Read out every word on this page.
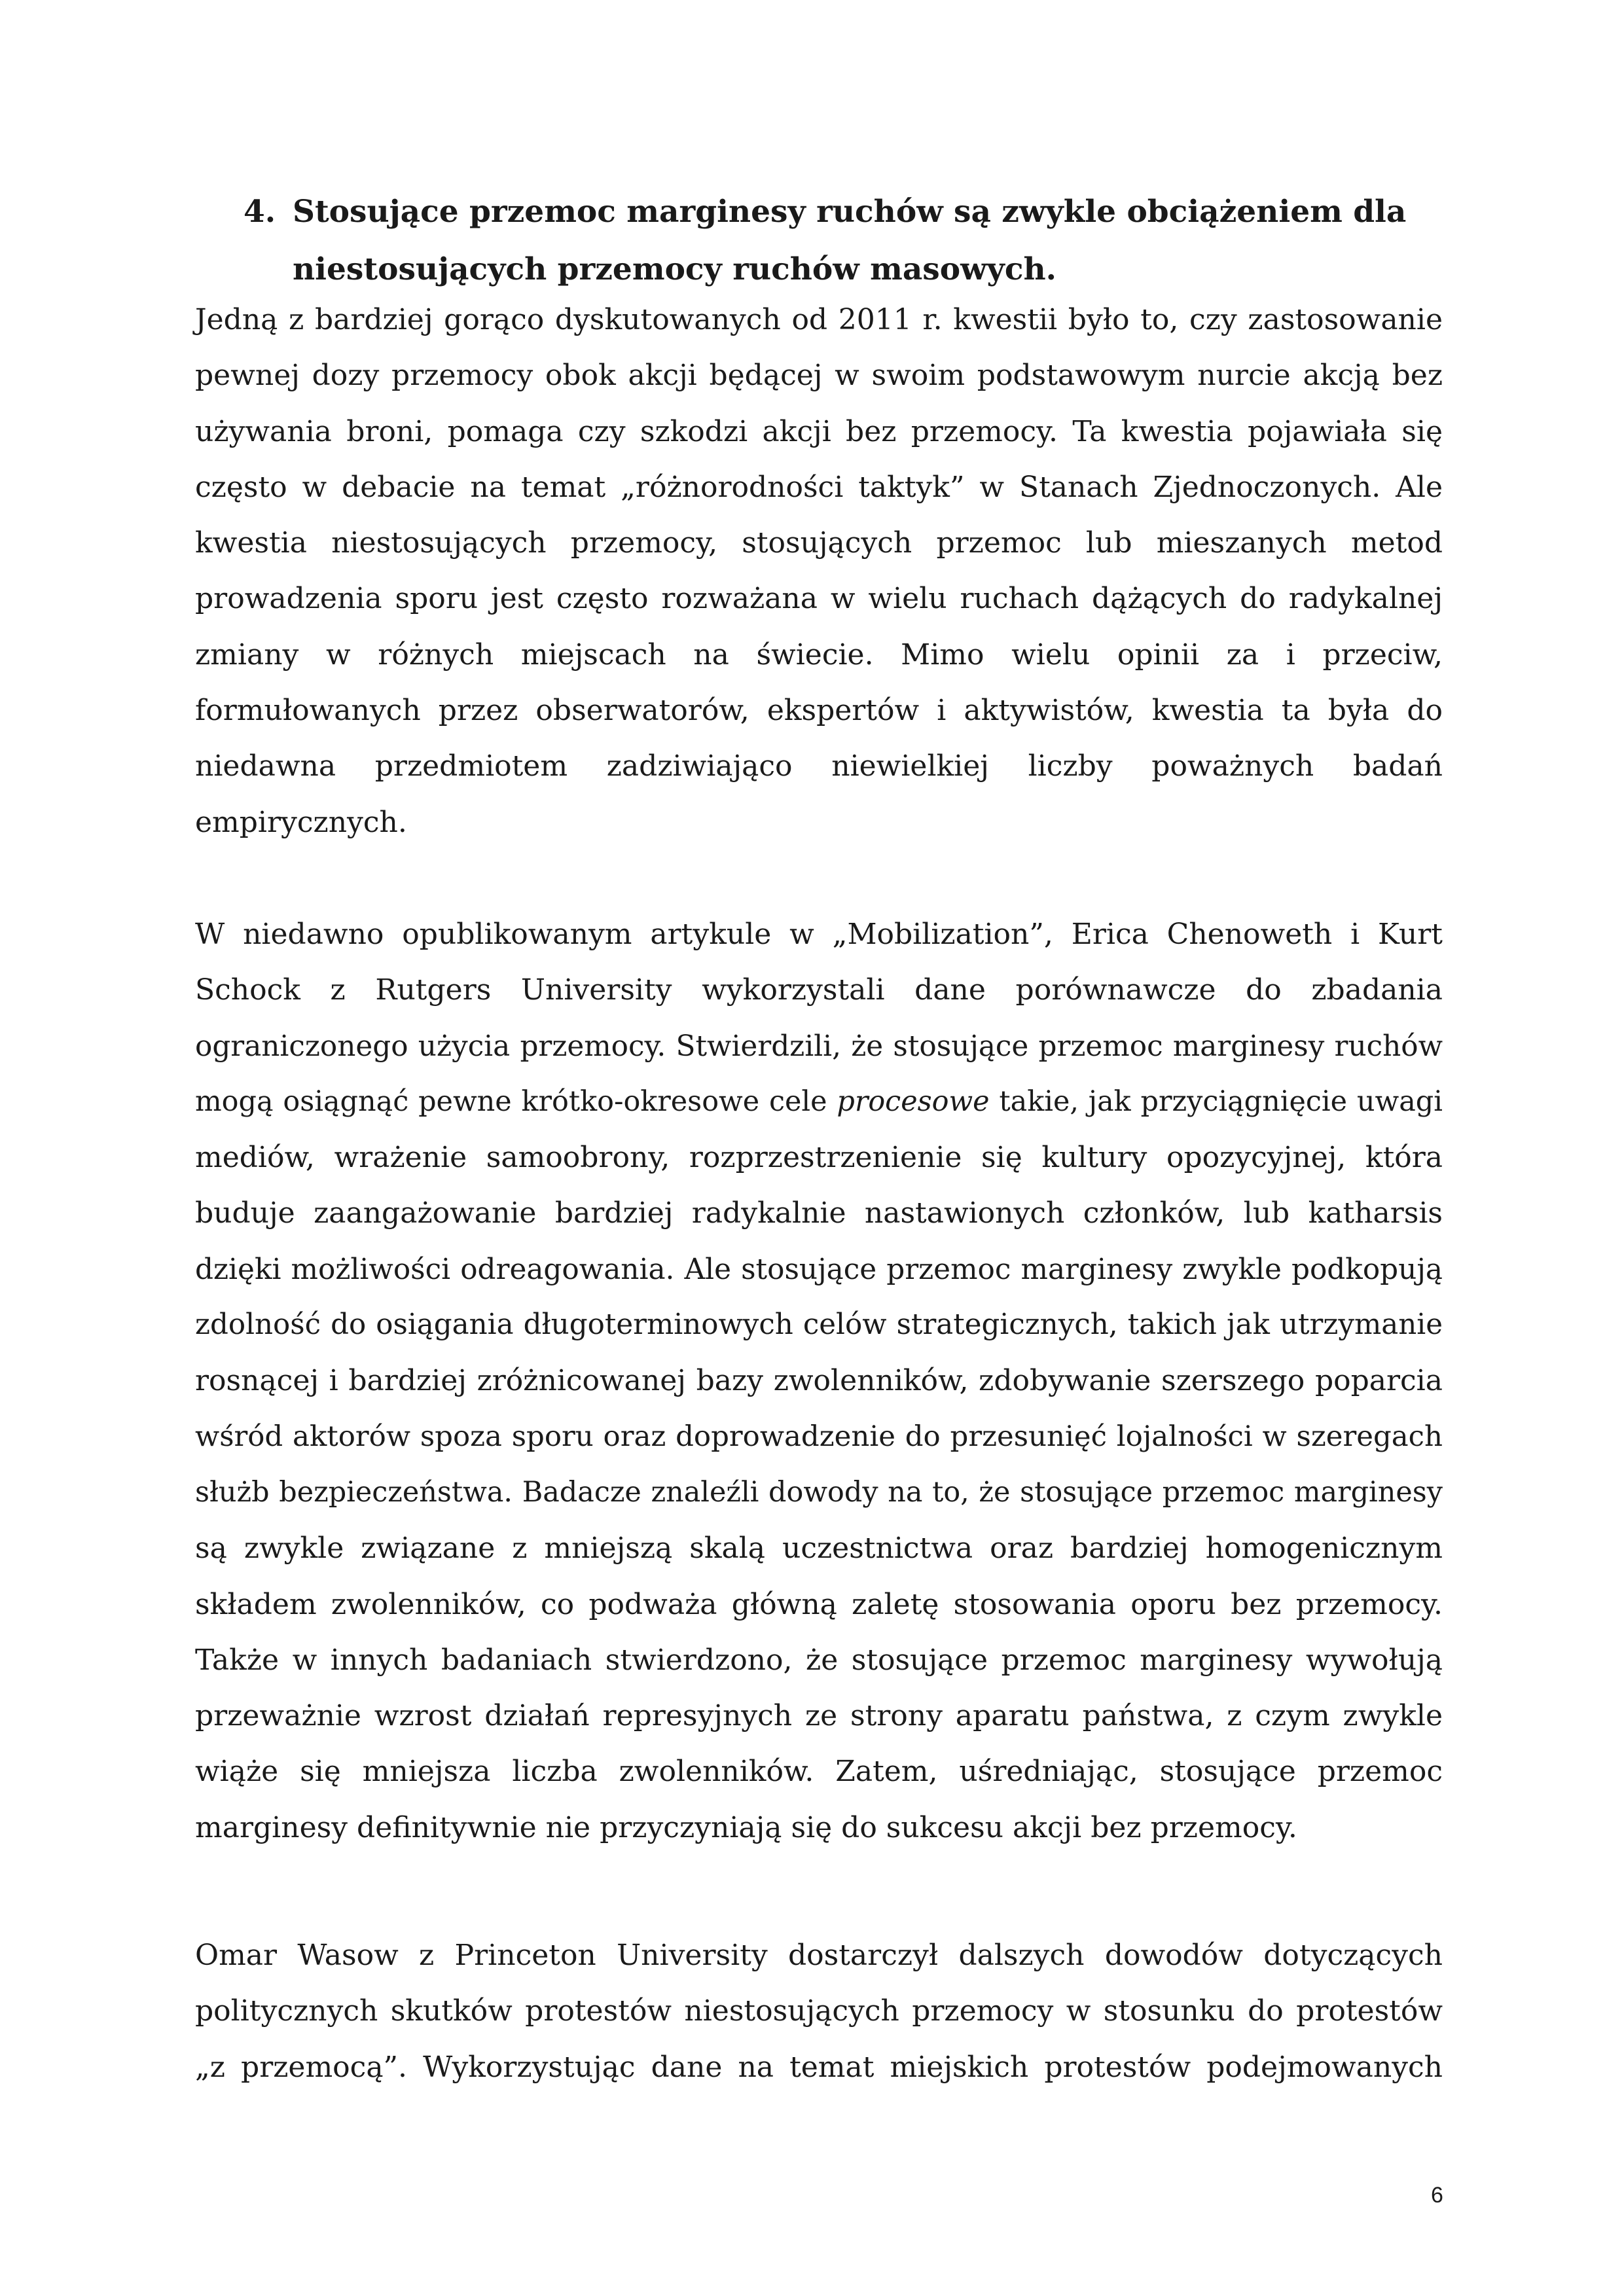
4. Stosujące przemoc marginesy ruchów są zwykle obciążeniem dla
niestosujących przemocy ruchów masowych.
Jedną z bardziej gorąco dyskutowanych od 2011 r. kwestii było to, czy zastosowanie
pewnej dozy przemocy obok akcji będącej w swoim podstawowym nurcie akcją bez
używania broni, pomaga czy szkodzi akcji bez przemocy. Ta kwestia pojawiała się
często w debacie na temat „różnorodności taktyk” w Stanach Zjednoczonych. Ale
kwestia niestosujących przemocy, stosujących przemoc lub mieszanych metod
prowadzenia sporu jest często rozważana w wielu ruchach dążących do radykalnej
zmiany w różnych miejscach na świecie. Mimo wielu opinii za i przeciw,
formułowanych przez obserwatorów, ekspertów i aktywistów, kwestia ta była do
niedawna przedmiotem zadziwiająco niewielkiej liczby poważnych badań
empirycznych.
W niedawno opublikowanym artykule w „Mobilization”, Erica Chenoweth i Kurt
Schock z Rutgers University wykorzystali dane porównawcze do zbadania
ograniczonego użycia przemocy. Stwierdzili, że stosujące przemoc marginesy ruchów
mogą osiągnąć pewne krótko-okresowe cele procesowe takie, jak przyciągnięcie uwagi
mediów, wrażenie samoobrony, rozprzestrzenienie się kultury opozycyjnej, która
buduje zaangażowanie bardziej radykalnie nastawionych członków, lub katharsis
dzięki możliwości odreagowania. Ale stosujące przemoc marginesy zwykle podkopują
zdolność do osiągania długoterminowych celów strategicznych, takich jak utrzymanie
rosnącej i bardziej zróżnicowanej bazy zwolenników, zdobywanie szerszego poparcia
wśród aktorów spoza sporu oraz doprowadzenie do przesunięć lojalności w szeregach
służb bezpieczeństwa. Badacze znaleźli dowody na to, że stosujące przemoc marginesy
są zwykle związane z mniejszą skalą uczestnictwa oraz bardziej homogenicznym
składem zwolenników, co podważa główną zaletę stosowania oporu bez przemocy.
Także w innych badaniach stwierdzono, że stosujące przemoc marginesy wywołują
przeważnie wzrost działań represyjnych ze strony aparatu państwa, z czym zwykle
wiąże się mniejsza liczba zwolenników. Zatem, uśredniając, stosujące przemoc
marginesy definitywnie nie przyczyniają się do sukcesu akcji bez przemocy.
Omar Wasow z Princeton University dostarczył dalszych dowodów dotyczących
politycznych skutków protestów niestosujących przemocy w stosunku do protestów
„z przemocą”. Wykorzystując dane na temat miejskich protestów podejmowanych
6
